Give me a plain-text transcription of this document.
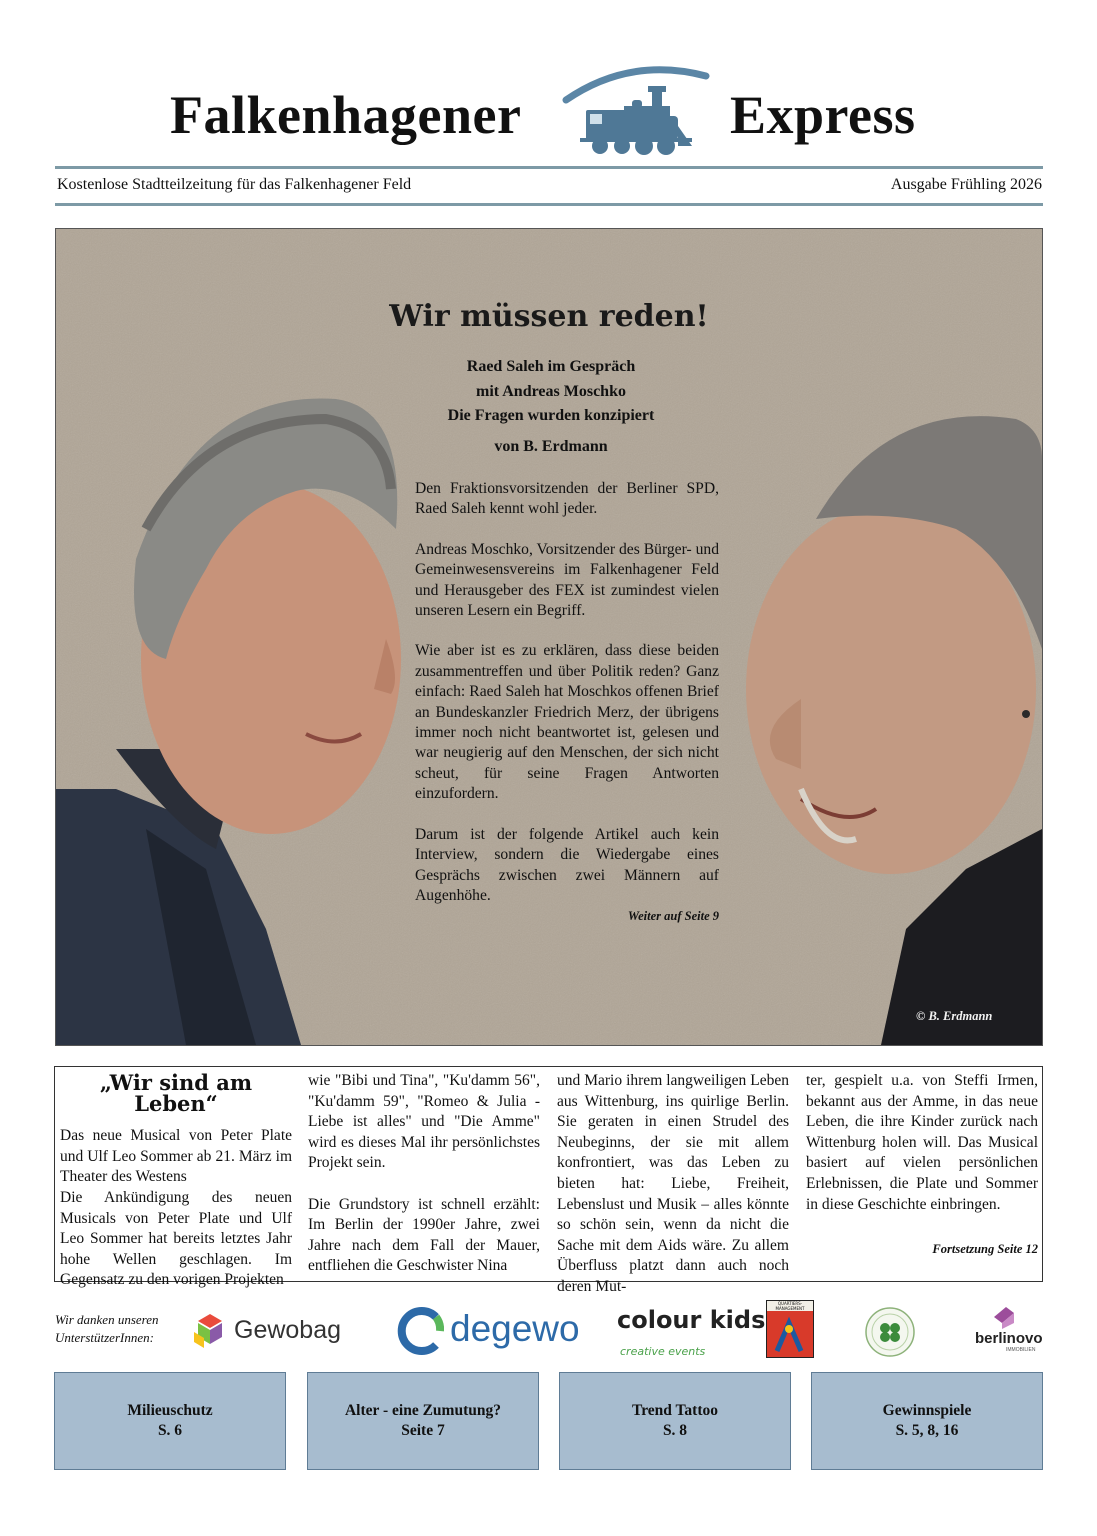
Falkenhagener	Express
Kostenlose Stadtteilzeitung für das Falkenhagener Feld	Ausgabe Frühling 2026
Wir müssen reden!
Raed Saleh im Gespräch
mit Andreas Moschko
Die Fragen wurden konzipiert
von B. Erdmann

Den Fraktionsvorsitzenden der Berliner SPD, Raed Saleh kennt wohl jeder.

Andreas Moschko, Vorsitzender des Bürger- und Gemeinwesensvereins im Falkenhagener Feld und Herausgeber des FEX ist zumindest vielen unseren Lesern ein Begriff.

Wie aber ist es zu erklären, dass diese beiden zusammentreffen und über Politik reden? Ganz einfach: Raed Saleh hat Moschkos offenen Brief an Bundeskanzler Friedrich Merz, der übrigens immer noch nicht beantwortet ist, gelesen und war neugierig auf den Menschen, der sich nicht scheut, für seine Fragen Antworten einzufordern.

Darum ist der folgende Artikel auch kein Interview, sondern die Wiedergabe eines Gesprächs zwischen zwei Männern auf Augenhöhe.

Weiter auf Seite 9
© B. Erdmann
„Wir sind am Leben“

Das neue Musical von Peter Plate und Ulf Leo Sommer ab 21. März im Theater des Westens

Die Ankündigung des neuen Musicals von Peter Plate und Ulf Leo Sommer hat bereits letztes Jahr hohe Wellen geschlagen. Im Gegensatz zu den vorigen Projekten

wie "Bibi und Tina", "Ku'damm 56", "Ku'damm 59", "Romeo & Julia - Liebe ist alles" und "Die Amme" wird es dieses Mal ihr persönlichstes Projekt sein.

Die Grundstory ist schnell erzählt: Im Berlin der 1990er Jahre, zwei Jahre nach dem Fall der Mauer, entfliehen die Geschwister Nina

und Mario ihrem langweiligen Leben aus Wittenburg, ins quirlige Berlin. Sie geraten in einen Strudel des Neubeginns, der sie mit allem konfrontiert, was das Leben zu bieten hat: Liebe, Freiheit, Lebenslust und Musik – alles könnte so schön sein, wenn da nicht die Sache mit dem Aids wäre. Zu allem Überfluss platzt dann auch noch deren Mut-

ter, gespielt u.a. von Steffi Irmen, bekannt aus der Amme, in das neue Leben, die ihre Kinder zurück nach Wittenburg holen will. Das Musical basiert auf vielen persönlichen Erlebnissen, die Plate und Sommer in diese Geschichte einbringen.

Fortsetzung Seite 12
Wir danken unseren
UnterstützerInnen:	Gewobag	degewo colour kids
creative events
QUARTIERS-MANAGEMENT
berlinovo
IMMOBILIEN
Milieuschutz
S. 6
Alter - eine Zumutung?
Seite 7
Trend Tattoo
S. 8
Gewinnspiele
S. 5, 8, 16
